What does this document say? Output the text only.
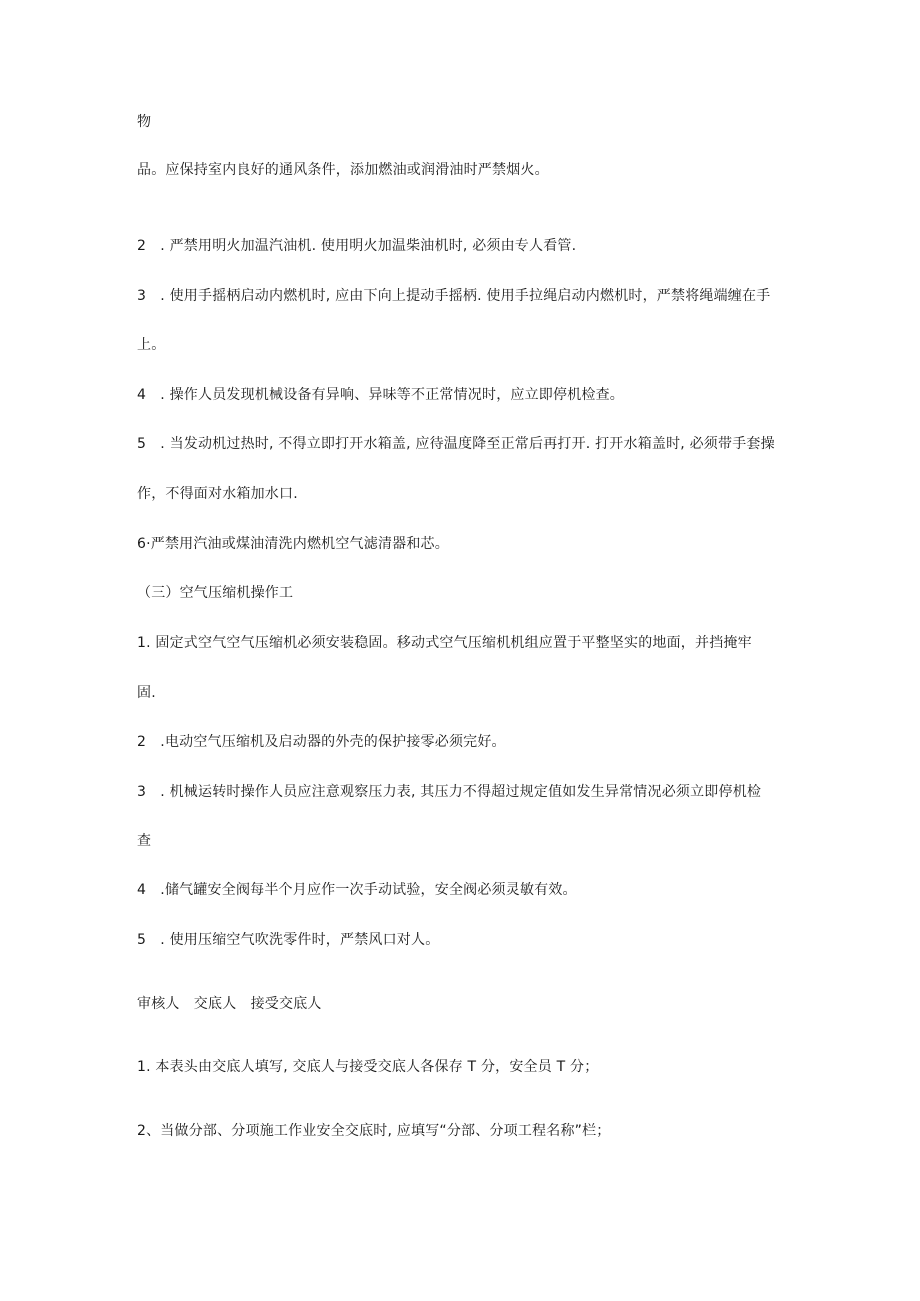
物
品。应保持室内良好的通风条件，添加燃油或润滑油时严禁烟火。
2　. 严禁用明火加温汽油机. 使用明火加温柴油机时, 必须由专人看管.
3　. 使用手摇柄启动内燃机时, 应由下向上提动手摇柄. 使用手拉绳启动内燃机时，严禁将绳端缠在手
上。
4　. 操作人员发现机械设备有异响、异味等不正常情况时，应立即停机检查。
5　. 当发动机过热时, 不得立即打开水箱盖, 应待温度降至正常后再打开. 打开水箱盖时, 必须带手套操
作，不得面对水箱加水口.
6·严禁用汽油或煤油清洗内燃机空气滤清器和芯。
（三）空气压缩机操作工
1. 固定式空气空气压缩机必须安装稳固。移动式空气压缩机机组应置于平整坚实的地面，并挡掩牢
固.
2　.电动空气压缩机及启动器的外壳的保护接零必须完好。
3　. 机械运转时操作人员应注意观察压力表, 其压力不得超过规定值如发生异常情况必须立即停机检
查
4　.储气罐安全阀每半个月应作一次手动试验，安全阀必须灵敏有效。
5　. 使用压缩空气吹洗零件时，严禁风口对人。
审核人　交底人　接受交底人
1. 本表头由交底人填写, 交底人与接受交底人各保存 T 分，安全员 T 分；
2、当做分部、分项施工作业安全交底时, 应填写“分部、分项工程名称”栏；
